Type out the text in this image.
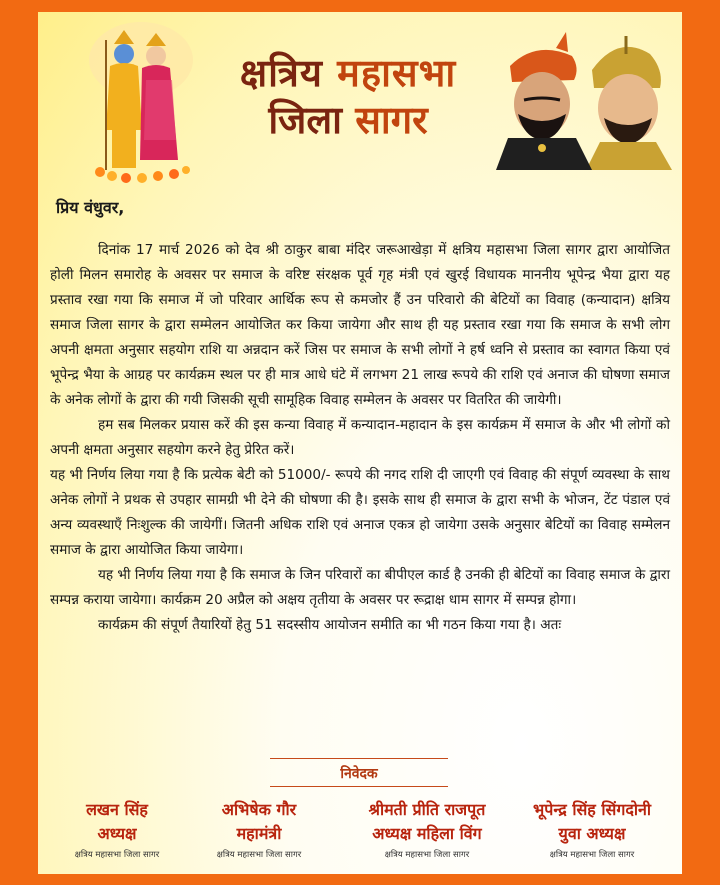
क्षत्रिय महासभा
जिला सागर
प्रिय वंधुवर,

दिनांक 17 मार्च 2026 को देव श्री ठाकुर बाबा मंदिर जरूआखेड़ा में क्षत्रिय महासभा जिला सागर द्वारा आयोजित होली मिलन समारोह के अवसर पर समाज के वरिष्ट संरक्षक पूर्व गृह मंत्री एवं खुरई विधायक माननीय भूपेन्द्र भैया द्वारा यह प्रस्ताव रखा गया कि समाज में जो परिवार आर्थिक रूप से कमजोर हैं उन परिवारो की बेटियों का विवाह (कन्यादान) क्षत्रिय समाज जिला सागर के द्वारा सम्मेलन आयोजित कर किया जायेगा और साथ ही यह प्रस्ताव रखा गया कि समाज के सभी लोग अपनी क्षमता अनुसार सहयोग राशि या अन्नदान करें जिस पर समाज के सभी लोगों ने हर्ष ध्वनि से प्रस्ताव का स्वागत किया एवं भूपेन्द्र भैया के आग्रह पर कार्यक्रम स्थल पर ही मात्र आधे घंटे में लगभग 21 लाख रूपये की राशि एवं अनाज की घोषणा समाज के अनेक लोगों के द्वारा की गयी जिसकी सूची सामूहिक विवाह सम्मेलन के अवसर पर वितरित की जायेगी।

हम सब मिलकर प्रयास करें की इस कन्या विवाह में कन्यादान-महादान के इस कार्यक्रम में समाज के और भी लोगों को अपनी क्षमता अनुसार सहयोग करने हेतु प्रेरित करें।

यह भी निर्णय लिया गया है कि प्रत्येक बेटी को 51000/- रूपये की नगद राशि दी जाएगी एवं विवाह की संपूर्ण व्यवस्था के साथ अनेक लोगों ने प्रथक से उपहार सामग्री भी देने की घोषणा की है। इसके साथ ही समाज के द्वारा सभी के भोजन, टेंट पंडाल एवं अन्य व्यवस्थाएँ निःशुल्क की जायेगीं। जितनी अधिक राशि एवं अनाज एकत्र हो जायेगा उसके अनुसार बेटियों का विवाह सम्मेलन समाज के द्वारा आयोजित किया जायेगा।

यह भी निर्णय लिया गया है कि समाज के जिन परिवारों का बीपीएल कार्ड है उनकी ही बेटियों का विवाह समाज के द्वारा सम्पन्न कराया जायेगा। कार्यक्रम 20 अप्रैल को अक्षय तृतीया के अवसर पर रूद्राक्ष धाम सागर में सम्पन्न होगा।

कार्यक्रम की संपूर्ण तैयारियों हेतु 51 सदस्सीय आयोजन समीति का भी गठन किया गया है। अतः

निवेदक
लखन सिंह
अध्यक्ष
क्षत्रिय महासभा जिला सागर
अभिषेक गौर
महामंत्री
क्षत्रिय महासभा जिला सागर
श्रीमती प्रीति राजपूत
अध्यक्ष महिला विंग
क्षत्रिय महासभा जिला सागर
भूपेन्द्र सिंह सिंगदोनी
युवा अध्यक्ष
क्षत्रिय महासभा जिला सागर
